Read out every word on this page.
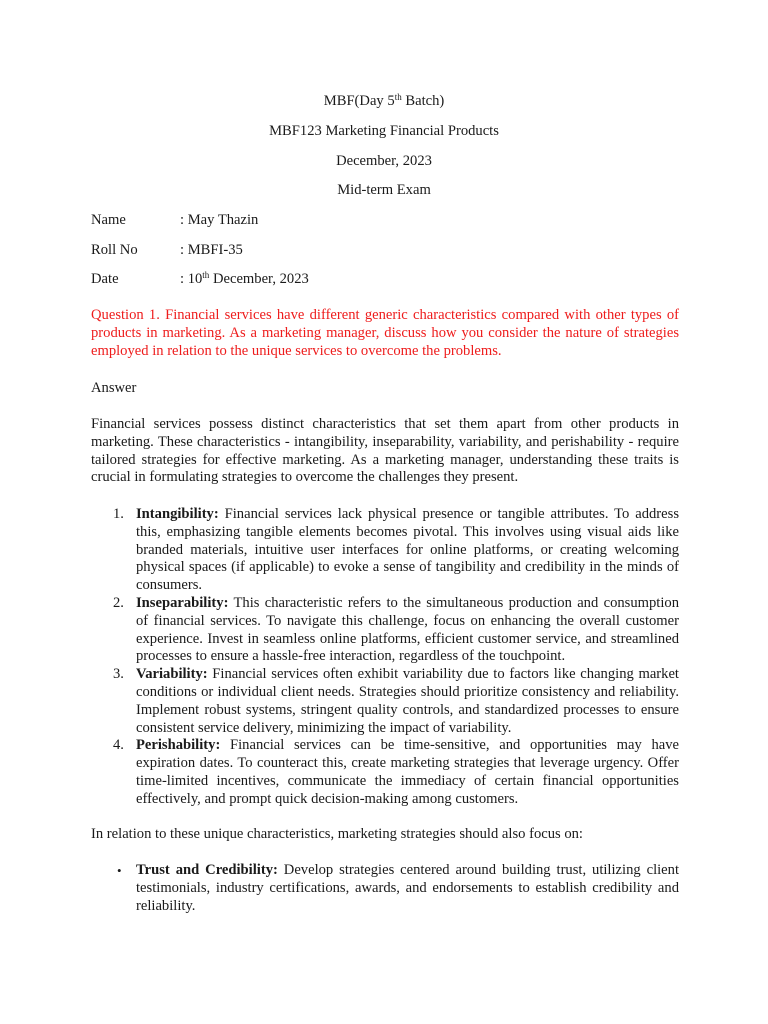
MBF(Day 5th Batch)
MBF123 Marketing Financial Products
December, 2023
Mid-term Exam
Name	: May Thazin
Roll No	: MBFI-35
Date	: 10th December, 2023
Question 1. Financial services have different generic characteristics compared with other types of products in marketing. As a marketing manager, discuss how you consider the nature of strategies employed in relation to the unique services to overcome the problems.
Answer
Financial services possess distinct characteristics that set them apart from other products in marketing. These characteristics - intangibility, inseparability, variability, and perishability - require tailored strategies for effective marketing. As a marketing manager, understanding these traits is crucial in formulating strategies to overcome the challenges they present.
1. Intangibility: Financial services lack physical presence or tangible attributes. To address this, emphasizing tangible elements becomes pivotal. This involves using visual aids like branded materials, intuitive user interfaces for online platforms, or creating welcoming physical spaces (if applicable) to evoke a sense of tangibility and credibility in the minds of consumers.
2. Inseparability: This characteristic refers to the simultaneous production and consumption of financial services. To navigate this challenge, focus on enhancing the overall customer experience. Invest in seamless online platforms, efficient customer service, and streamlined processes to ensure a hassle-free interaction, regardless of the touchpoint.
3. Variability: Financial services often exhibit variability due to factors like changing market conditions or individual client needs. Strategies should prioritize consistency and reliability. Implement robust systems, stringent quality controls, and standardized processes to ensure consistent service delivery, minimizing the impact of variability.
4. Perishability: Financial services can be time-sensitive, and opportunities may have expiration dates. To counteract this, create marketing strategies that leverage urgency. Offer time-limited incentives, communicate the immediacy of certain financial opportunities effectively, and prompt quick decision-making among customers.
In relation to these unique characteristics, marketing strategies should also focus on:
• Trust and Credibility: Develop strategies centered around building trust, utilizing client testimonials, industry certifications, awards, and endorsements to establish credibility and reliability.
